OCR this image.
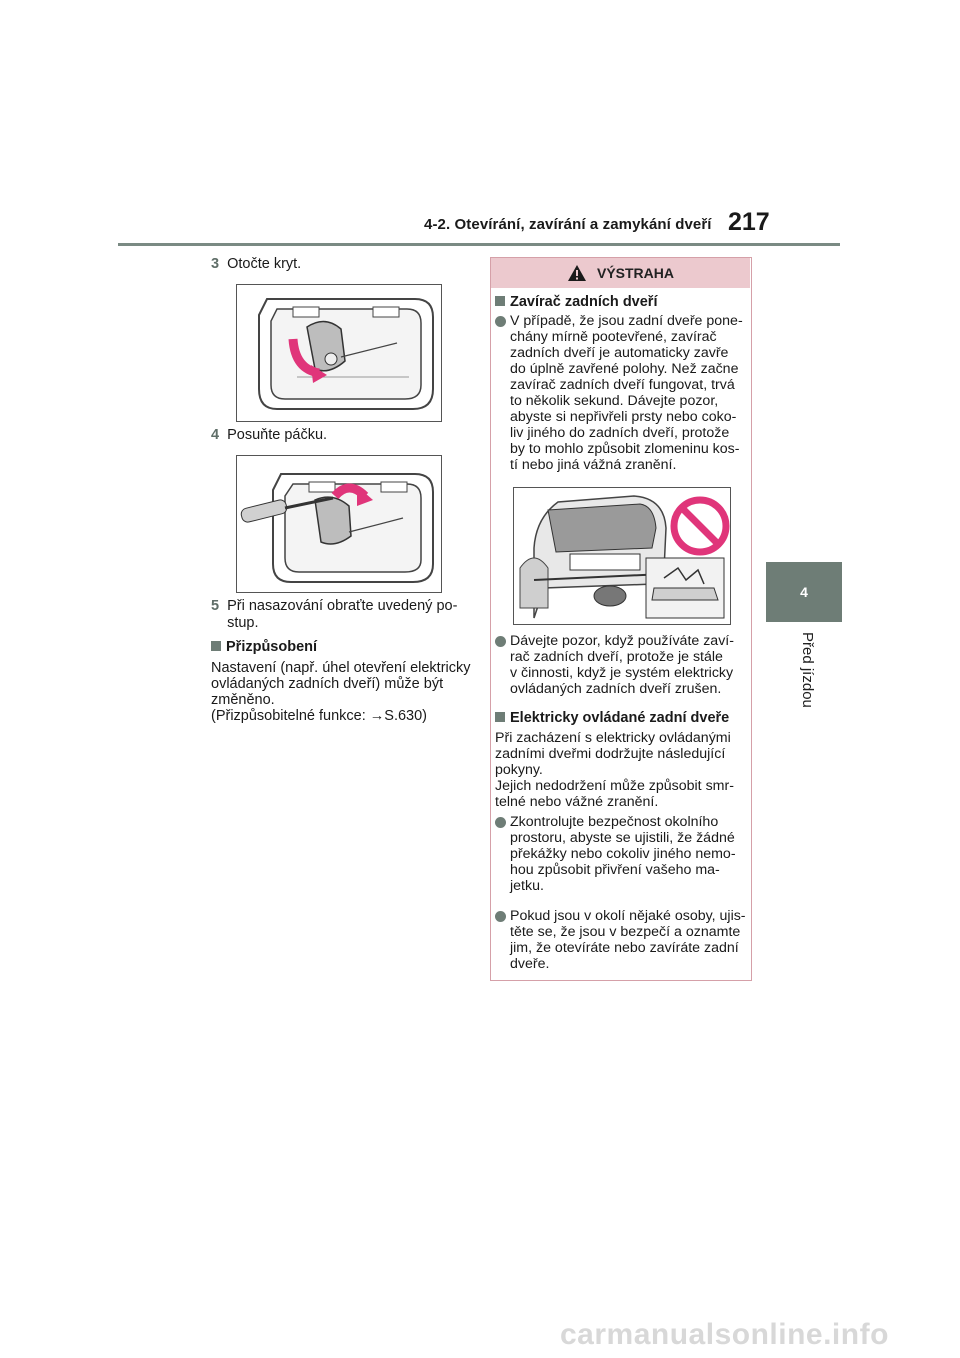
4-2. Otevírání, zavírání a zamykání dveří 217
4
Před jízdou
3 Otočte kryt.
4 Posuňte páčku.
5 Při nasazování obraťte uvedený po-
stup.
Přizpůsobení
Nastavení (např. úhel otevření elektricky
ovládaných zadních dveří) může být
změněno.
(Přizpůsobitelné funkce: →S.630)
VÝSTRAHA
Zavírač zadních dveří
V případě, že jsou zadní dveře pone-
chány mírně pootevřené, zavírač
zadních dveří je automaticky zavře
do úplně zavřené polohy. Než začne
zavírač zadních dveří fungovat, trvá
to několik sekund. Dávejte pozor,
abyste si nepřivřeli prsty nebo coko-
liv jiného do zadních dveří, protože
by to mohlo způsobit zlomeninu kos-
tí nebo jiná vážná zranění.
Dávejte pozor, když používáte zaví-
rač zadních dveří, protože je stále
v činnosti, když je systém elektricky
ovládaných zadních dveří zrušen.
Elektricky ovládané zadní dveře
Při zacházení s elektricky ovládanými
zadními dveřmi dodržujte následující
pokyny.
Jejich nedodržení může způsobit smr-
telné nebo vážné zranění.
Zkontrolujte bezpečnost okolního
prostoru, abyste se ujistili, že žádné
překážky nebo cokoliv jiného nemo-
hou způsobit přivření vašeho ma-
jetku.
Pokud jsou v okolí nějaké osoby, ujis-
těte se, že jsou v bezpečí a oznamte
jim, že otevíráte nebo zavíráte zadní
dveře.
carmanualsonline.info
